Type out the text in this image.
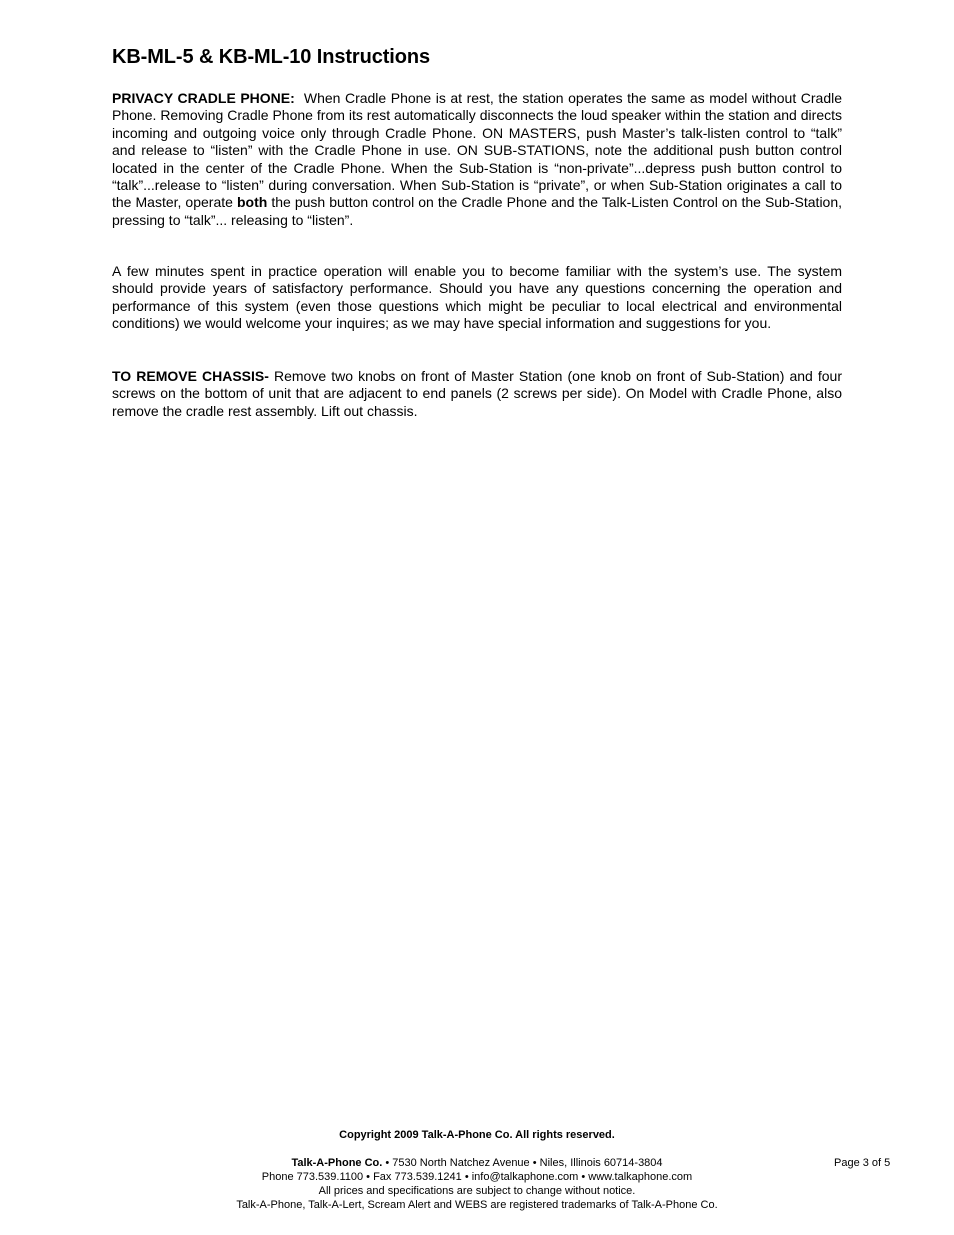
KB-ML-5 & KB-ML-10 Instructions

PRIVACY CRADLE PHONE: When Cradle Phone is at rest, the station operates the same as model without Cradle Phone. Removing Cradle Phone from its rest automatically disconnects the loud speaker within the station and directs incoming and outgoing voice only through Cradle Phone. ON MASTERS, push Master’s talk-listen control to “talk” and release to “listen” with the Cradle Phone in use. ON SUB-STATIONS, note the additional push button control located in the center of the Cradle Phone. When the Sub-Station is “non-private”...depress push button control to “talk”...release to “listen” during conversation. When Sub-Station is “private”, or when Sub-Station originates a call to the Master, operate both the push button control on the Cradle Phone and the Talk-Listen Control on the Sub-Station, pressing to “talk”... releasing to “listen”.

A few minutes spent in practice operation will enable you to become familiar with the system’s use. The system should provide years of satisfactory performance. Should you have any questions concerning the operation and performance of this system (even those questions which might be peculiar to local electrical and environmental conditions) we would welcome your inquires; as we may have special information and suggestions for you.

TO REMOVE CHASSIS- Remove two knobs on front of Master Station (one knob on front of Sub-Station) and four screws on the bottom of unit that are adjacent to end panels (2 screws per side). On Model with Cradle Phone, also remove the cradle rest assembly. Lift out chassis.

Copyright 2009 Talk-A-Phone Co. All rights reserved.
Talk-A-Phone Co. • 7530 North Natchez Avenue • Niles, Illinois 60714-3804
Phone 773.539.1100 • Fax 773.539.1241 • info@talkaphone.com • www.talkaphone.com
All prices and specifications are subject to change without notice.
Talk-A-Phone, Talk-A-Lert, Scream Alert and WEBS are registered trademarks of Talk-A-Phone Co.
Page 3 of 5
